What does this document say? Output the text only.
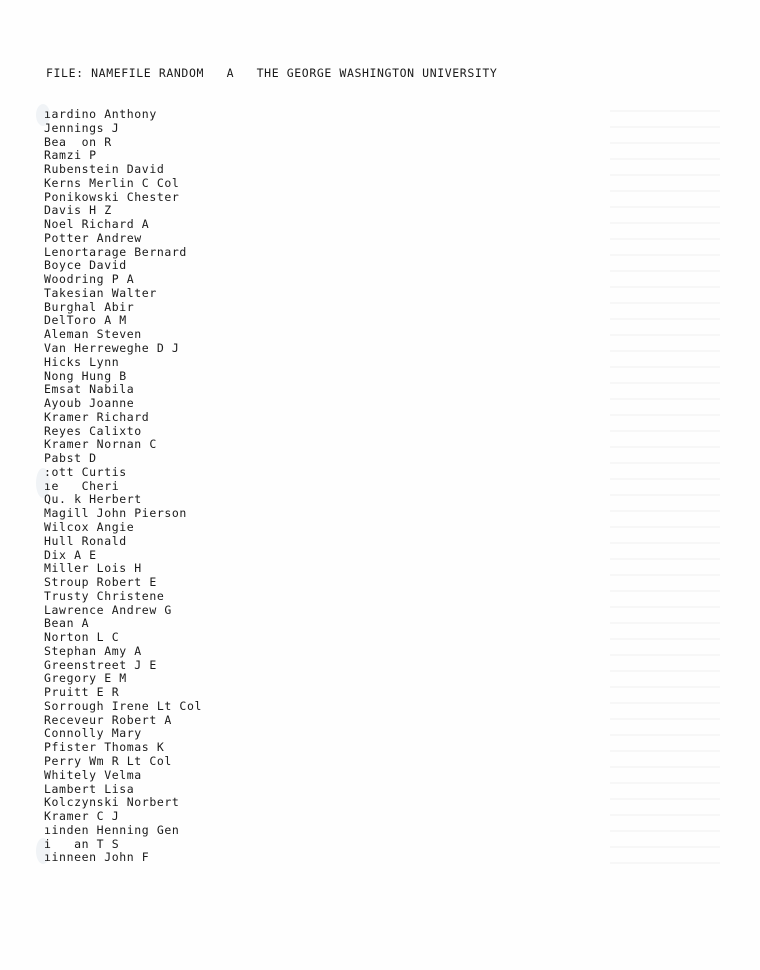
FILE: NAMEFILE RANDOM   A   THE GEORGE WASHINGTON UNIVERSITY
ıardino Anthony
Jennings J
Bea  on R
Ramzi P
Rubenstein David
Kerns Merlin C Col
Ponikowski Chester
Davis H Z
Noel Richard A
Potter Andrew
Lenortarage Bernard
Boyce David
Woodring P A
Takesian Walter
Burghal Abir
DelToro A M
Aleman Steven
Van Herreweghe D J
Hicks Lynn
Nong Hung B
Emsat Nabila
Ayoub Joanne
Kramer Richard
Reyes Calixto
Kramer Nornan C
Pabst D
:ott Curtis
ıe   Cheri
Qu. k Herbert
Magill John Pierson
Wilcox Angie
Hull Ronald
Dix A E
Miller Lois H
Stroup Robert E
Trusty Christene
Lawrence Andrew G
Bean A
Norton L C
Stephan Amy A
Greenstreet J E
Gregory E M
Pruitt E R
Sorrough Irene Lt Col
Receveur Robert A
Connolly Mary
Pfister Thomas K
Perry Wm R Lt Col
Whitely Velma
Lambert Lisa
Kolczynski Norbert
Kramer C J
ıinden Henning Gen
i   an T S
ıinneen John F
